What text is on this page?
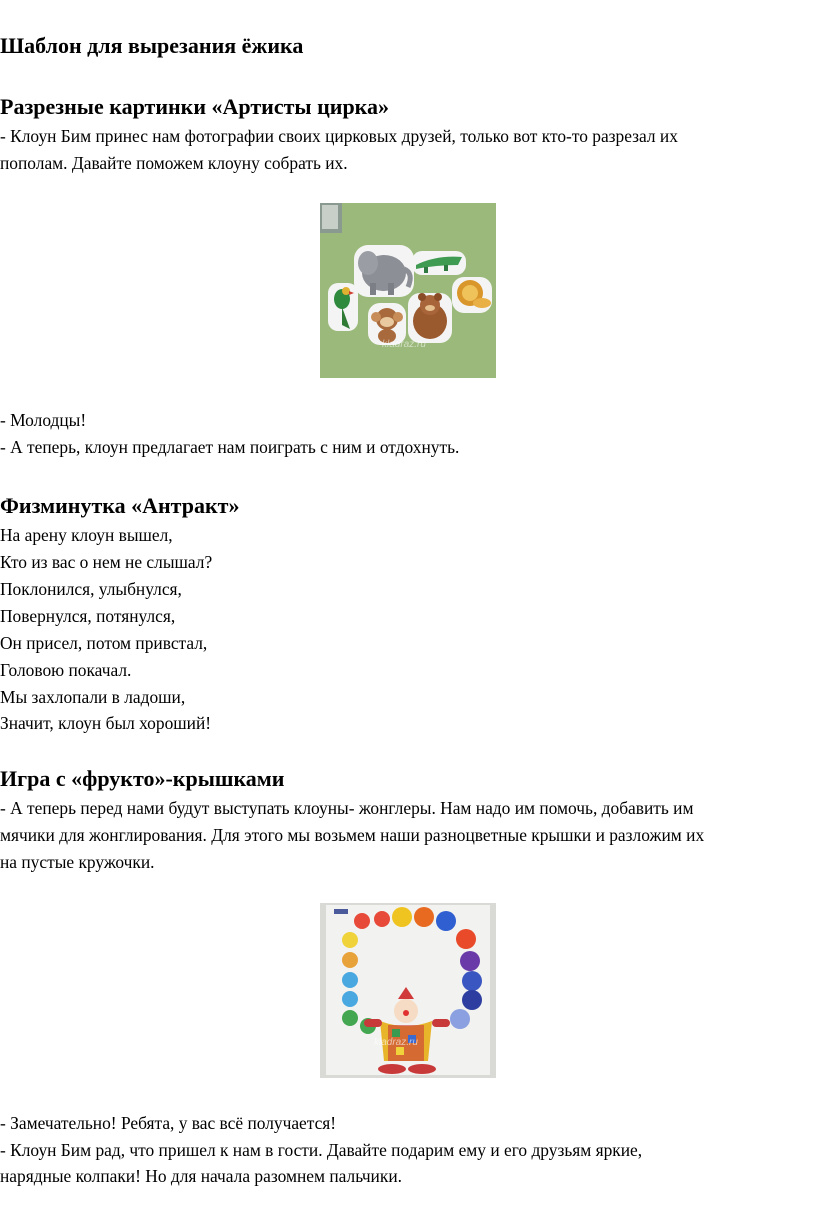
Шаблон для вырезания ёжика
Разрезные картинки «Артисты цирка»
- Клоун Бим принес нам фотографии своих цирковых друзей, только вот кто-то разрезал их
пополам. Давайте поможем клоуну собрать их.
kladraz.ru
- Молодцы!
- А теперь, клоун предлагает нам поиграть с ним и отдохнуть.
Физминутка «Антракт»
На арену клоун вышел,
Кто из вас о нем не слышал?
Поклонился, улыбнулся,
Повернулся, потянулся,
Он присел, потом привстал,
Головою покачал.
Мы захлопали в ладоши,
Значит, клоун был хороший!
Игра с «фрукто»-крышками
- А теперь перед нами будут выступать клоуны- жонглеры. Нам надо им помочь, добавить им
мячики для жонглирования. Для этого мы возьмем наши разноцветные крышки и разложим их
на пустые кружочки.
kladraz.ru
- Замечательно! Ребята, у вас всё получается!
- Клоун Бим рад, что пришел к нам в гости. Давайте подарим ему и его друзьям яркие,
нарядные колпаки! Но для начала разомнем пальчики.
